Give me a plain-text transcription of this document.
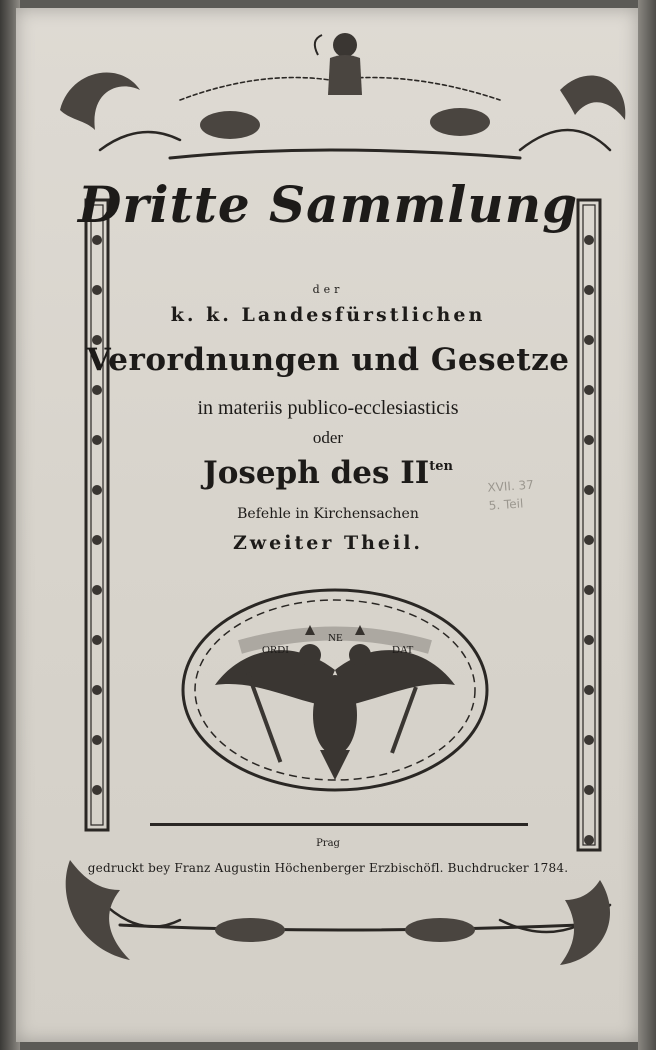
Dritte Sammlung
der
k. k. Landesfürstlichen
Verordnungen und Gesetze
in materiis publico-ecclesiasticis
oder
Joseph des $II^{ten}$
Befehle in Kirchensachen
Zweiter Theil.
ORDI
NE
DAT
Prag
gedruckt bey Franz Augustin Höchenberger Erzbischöfl. Buchdrucker 1784.
XVII. 37
5. Teil
